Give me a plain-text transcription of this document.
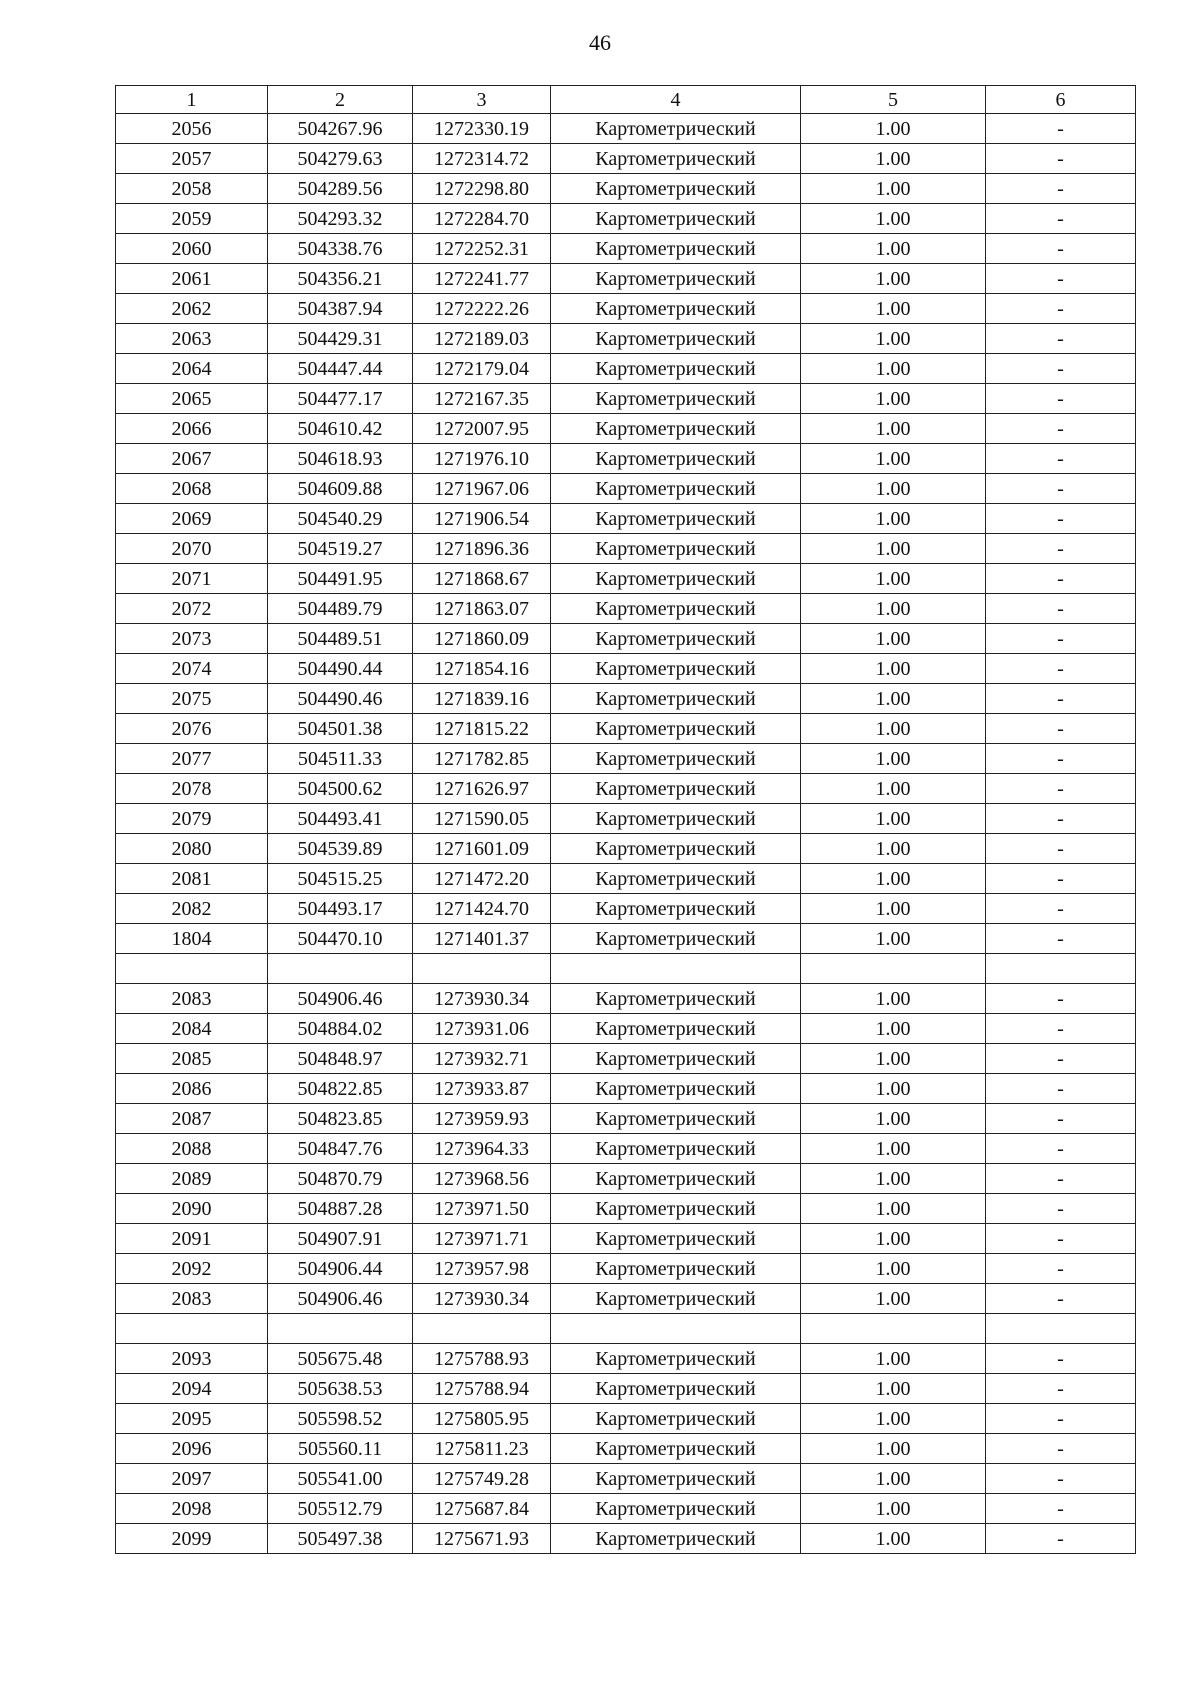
46
1	2	3	4	5	6
2056	504267.96	1272330.19	Картометрический	1.00	-
2057	504279.63	1272314.72	Картометрический	1.00	-
2058	504289.56	1272298.80	Картометрический	1.00	-
2059	504293.32	1272284.70	Картометрический	1.00	-
2060	504338.76	1272252.31	Картометрический	1.00	-
2061	504356.21	1272241.77	Картометрический	1.00	-
2062	504387.94	1272222.26	Картометрический	1.00	-
2063	504429.31	1272189.03	Картометрический	1.00	-
2064	504447.44	1272179.04	Картометрический	1.00	-
2065	504477.17	1272167.35	Картометрический	1.00	-
2066	504610.42	1272007.95	Картометрический	1.00	-
2067	504618.93	1271976.10	Картометрический	1.00	-
2068	504609.88	1271967.06	Картометрический	1.00	-
2069	504540.29	1271906.54	Картометрический	1.00	-
2070	504519.27	1271896.36	Картометрический	1.00	-
2071	504491.95	1271868.67	Картометрический	1.00	-
2072	504489.79	1271863.07	Картометрический	1.00	-
2073	504489.51	1271860.09	Картометрический	1.00	-
2074	504490.44	1271854.16	Картометрический	1.00	-
2075	504490.46	1271839.16	Картометрический	1.00	-
2076	504501.38	1271815.22	Картометрический	1.00	-
2077	504511.33	1271782.85	Картометрический	1.00	-
2078	504500.62	1271626.97	Картометрический	1.00	-
2079	504493.41	1271590.05	Картометрический	1.00	-
2080	504539.89	1271601.09	Картометрический	1.00	-
2081	504515.25	1271472.20	Картометрический	1.00	-
2082	504493.17	1271424.70	Картометрический	1.00	-
1804	504470.10	1271401.37	Картометрический	1.00	-

2083	504906.46	1273930.34	Картометрический	1.00	-
2084	504884.02	1273931.06	Картометрический	1.00	-
2085	504848.97	1273932.71	Картометрический	1.00	-
2086	504822.85	1273933.87	Картометрический	1.00	-
2087	504823.85	1273959.93	Картометрический	1.00	-
2088	504847.76	1273964.33	Картометрический	1.00	-
2089	504870.79	1273968.56	Картометрический	1.00	-
2090	504887.28	1273971.50	Картометрический	1.00	-
2091	504907.91	1273971.71	Картометрический	1.00	-
2092	504906.44	1273957.98	Картометрический	1.00	-
2083	504906.46	1273930.34	Картометрический	1.00	-

2093	505675.48	1275788.93	Картометрический	1.00	-
2094	505638.53	1275788.94	Картометрический	1.00	-
2095	505598.52	1275805.95	Картометрический	1.00	-
2096	505560.11	1275811.23	Картометрический	1.00	-
2097	505541.00	1275749.28	Картометрический	1.00	-
2098	505512.79	1275687.84	Картометрический	1.00	-
2099	505497.38	1275671.93	Картометрический	1.00	-
